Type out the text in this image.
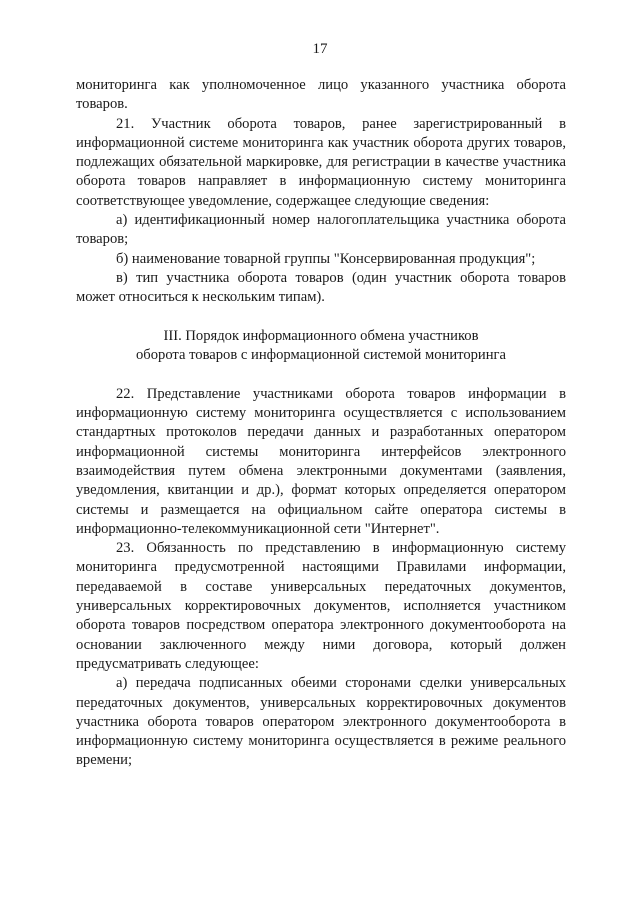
17

мониторинга как уполномоченное лицо указанного участника оборота товаров.

21. Участник оборота товаров, ранее зарегистрированный в информационной системе мониторинга как участник оборота других товаров, подлежащих обязательной маркировке, для регистрации в качестве участника оборота товаров направляет в информационную систему мониторинга соответствующее уведомление, содержащее следующие сведения:

а) идентификационный номер налогоплательщика участника оборота товаров;

б) наименование товарной группы "Консервированная продукция";

в) тип участника оборота товаров (один участник оборота товаров может относиться к нескольким типам).

III. Порядок информационного обмена участников
оборота товаров с информационной системой мониторинга

22. Представление участниками оборота товаров информации в информационную систему мониторинга осуществляется с использованием стандартных протоколов передачи данных и разработанных оператором информационной системы мониторинга интерфейсов электронного взаимодействия путем обмена электронными документами (заявления, уведомления, квитанции и др.), формат которых определяется оператором системы и размещается на официальном сайте оператора системы в информационно-телекоммуникационной сети "Интернет".

23. Обязанность по представлению в информационную систему мониторинга предусмотренной настоящими Правилами информации, передаваемой в составе универсальных передаточных документов, универсальных корректировочных документов, исполняется участником оборота товаров посредством оператора электронного документооборота на основании заключенного между ними договора, который должен предусматривать следующее:

а) передача подписанных обеими сторонами сделки универсальных передаточных документов, универсальных корректировочных документов участника оборота товаров оператором электронного документооборота в информационную систему мониторинга осуществляется в режиме реального времени;
